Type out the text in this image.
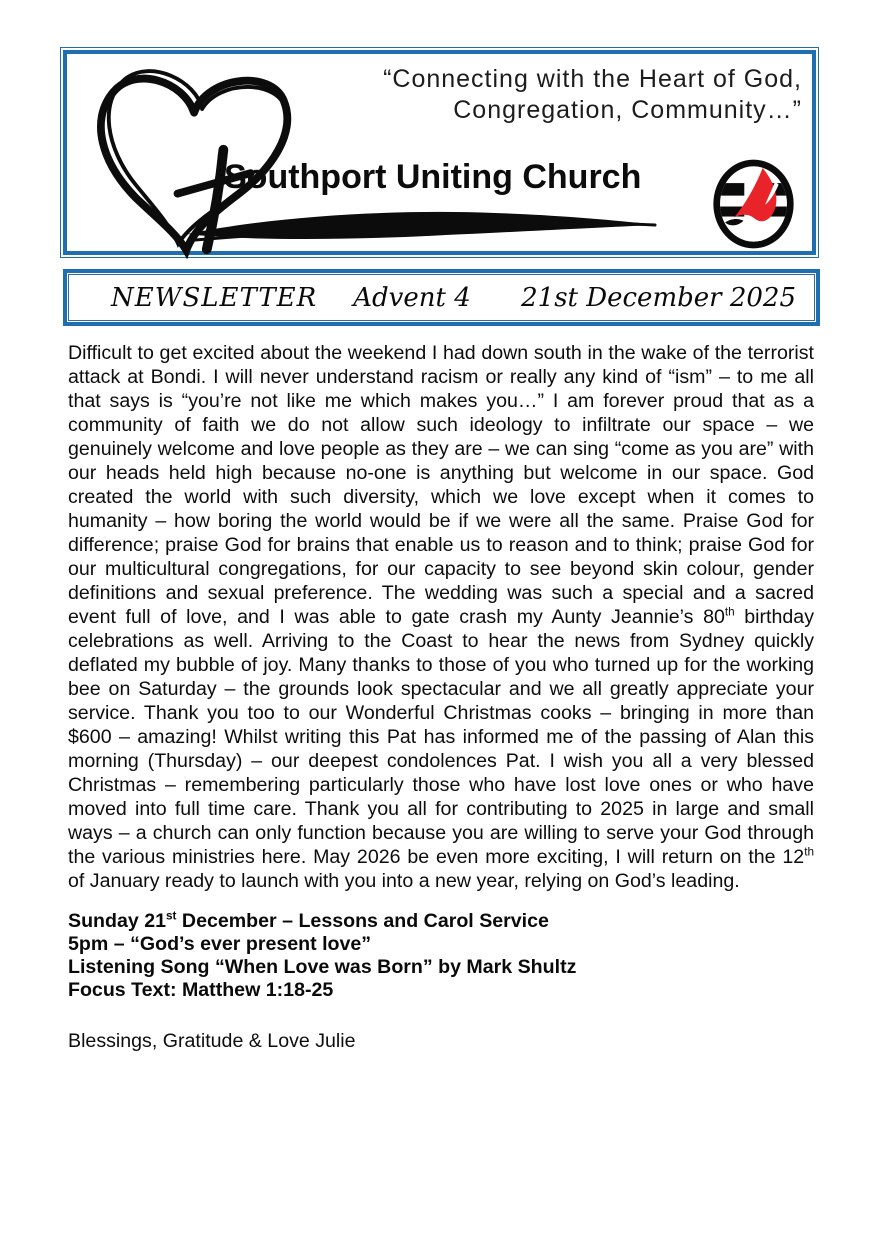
“Connecting with the Heart of God,
Congregation, Community…”
Southport Uniting Church
NEWSLETTER Advent 4 21st December 2025

Difficult to get excited about the weekend I had down south in the wake of the terrorist attack at Bondi. I will never understand racism or really any kind of “ism” – to me all that says is “you’re not like me which makes you…” I am forever proud that as a community of faith we do not allow such ideology to infiltrate our space – we genuinely welcome and love people as they are – we can sing “come as you are” with our heads held high because no-one is anything but welcome in our space. God created the world with such diversity, which we love except when it comes to humanity – how boring the world would be if we were all the same. Praise God for difference; praise God for brains that enable us to reason and to think; praise God for our multicultural congregations, for our capacity to see beyond skin colour, gender definitions and sexual preference. The wedding was such a special and a sacred event full of love, and I was able to gate crash my Aunty Jeannie’s 80th birthday celebrations as well. Arriving to the Coast to hear the news from Sydney quickly deflated my bubble of joy. Many thanks to those of you who turned up for the working bee on Saturday – the grounds look spectacular and we all greatly appreciate your service. Thank you too to our Wonderful Christmas cooks – bringing in more than $600 – amazing! Whilst writing this Pat has informed me of the passing of Alan this morning (Thursday) – our deepest condolences Pat. I wish you all a very blessed Christmas – remembering particularly those who have lost love ones or who have moved into full time care. Thank you all for contributing to 2025 in large and small ways – a church can only function because you are willing to serve your God through the various ministries here. May 2026 be even more exciting, I will return on the 12th of January ready to launch with you into a new year, relying on God’s leading.

Sunday 21st December – Lessons and Carol Service
5pm – “God’s ever present love”
Listening Song “When Love was Born” by Mark Shultz
Focus Text: Matthew 1:18-25

Blessings, Gratitude & Love Julie
